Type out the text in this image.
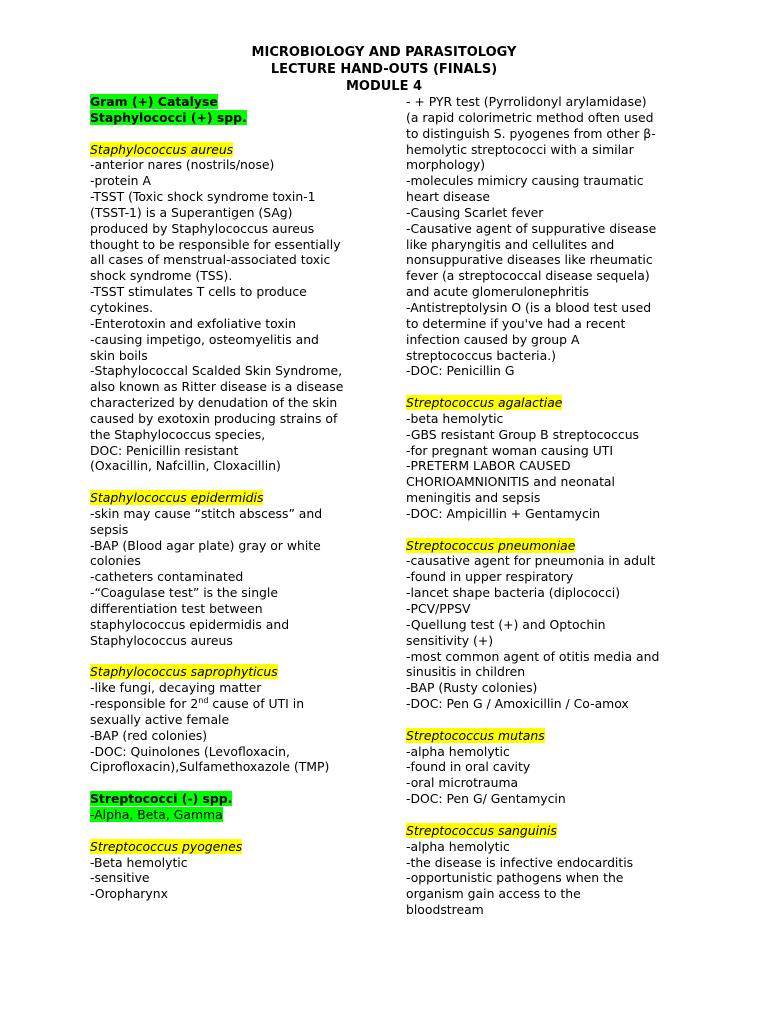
MICROBIOLOGY AND PARASITOLOGY
LECTURE HAND-OUTS (FINALS)
MODULE 4
Gram (+) Catalyse
Staphylococci (+) spp.
Staphylococcus aureus
-anterior nares (nostrils/nose)
-protein A
-TSST (Toxic shock syndrome toxin-1
(TSST-1) is a Superantigen (SAg)
produced by Staphylococcus aureus
thought to be responsible for essentially
all cases of menstrual-associated toxic
shock syndrome (TSS).
-TSST stimulates T cells to produce
cytokines.
-Enterotoxin and exfoliative toxin
-causing impetigo, osteomyelitis and
skin boils
-Staphylococcal Scalded Skin Syndrome,
also known as Ritter disease is a disease
characterized by denudation of the skin
caused by exotoxin producing strains of
the Staphylococcus species,
DOC: Penicillin resistant
(Oxacillin, Nafcillin, Cloxacillin)
Staphylococcus epidermidis
-skin may cause “stitch abscess” and
sepsis
-BAP (Blood agar plate) gray or white
colonies
-catheters contaminated
-“Coagulase test” is the single
differentiation test between
staphylococcus epidermidis and
Staphylococcus aureus
Staphylococcus saprophyticus
-like fungi, decaying matter
-responsible for 2nd cause of UTI in
sexually active female
-BAP (red colonies)
-DOC: Quinolones (Levofloxacin,
Ciprofloxacin),Sulfamethoxazole (TMP)
Streptococci (-) spp.
-Alpha, Beta, Gamma
Streptococcus pyogenes
-Beta hemolytic
-sensitive
-Oropharynx
- + PYR test (Pyrrolidonyl arylamidase)
(a rapid colorimetric method often used
to distinguish S. pyogenes from other β-
hemolytic streptococci with a similar
morphology)
-molecules mimicry causing traumatic
heart disease
-Causing Scarlet fever
-Causative agent of suppurative disease
like pharyngitis and cellulites and
nonsuppurative diseases like rheumatic
fever (a streptococcal disease sequela)
and acute glomerulonephritis
-Antistreptolysin O (is a blood test used
to determine if you've had a recent
infection caused by group A
streptococcus bacteria.)
-DOC: Penicillin G
Streptococcus agalactiae
-beta hemolytic
-GBS resistant Group B streptococcus
-for pregnant woman causing UTI
-PRETERM LABOR CAUSED
CHORIOAMNIONITIS and neonatal
meningitis and sepsis
-DOC: Ampicillin + Gentamycin
Streptococcus pneumoniae
-causative agent for pneumonia in adult
-found in upper respiratory
-lancet shape bacteria (diplococci)
-PCV/PPSV
-Quellung test (+) and Optochin
sensitivity (+)
-most common agent of otitis media and
sinusitis in children
-BAP (Rusty colonies)
-DOC: Pen G / Amoxicillin / Co-amox
Streptococcus mutans
-alpha hemolytic
-found in oral cavity
-oral microtrauma
-DOC: Pen G/ Gentamycin
Streptococcus sanguinis
-alpha hemolytic
-the disease is infective endocarditis
-opportunistic pathogens when the
organism gain access to the
bloodstream
